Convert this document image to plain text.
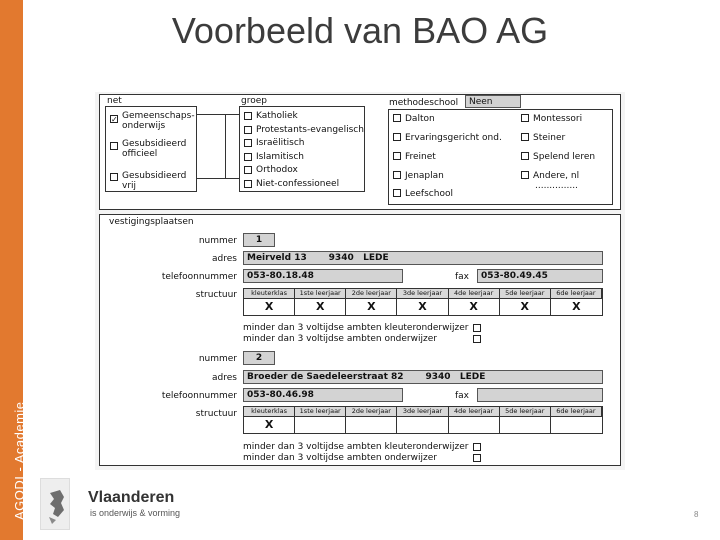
AGODI - Academie
Voorbeeld van BAO AG
net
✓ Gemeenschaps-
onderwijs
Gesubsidieerd
officieel
Gesubsidieerd
vrij
groep
Katholiek
Protestants-evangelisch
Israëlitisch
Islamitisch
Orthodox
Niet-confessioneel
methodeschool	Neen
Dalton
Ervaringsgericht ond.
Freinet
Jenaplan
Leefschool
Montessori
Steiner
Spelend leren
Andere, nl
...............
vestigingsplaatsen
nummer	1
adres	Meirveld 13       9340   LEDE
telefoonnummer	053-80.18.48	fax	053-80.49.45
structuur	kleuterklas	1ste leerjaar	2de leerjaar	3de leerjaar	4de leerjaar	5de leerjaar	6de leerjaar
X	X	X	X	X	X	X
minder dan 3 voltijdse ambten kleuteronderwijzer
minder dan 3 voltijdse ambten onderwijzer
nummer	2
adres	Broeder de Saedeleerstraat 82       9340   LEDE
telefoonnummer	053-80.46.98	fax
structuur	kleuterklas	1ste leerjaar	2de leerjaar	3de leerjaar	4de leerjaar	5de leerjaar	6de leerjaar
X
minder dan 3 voltijdse ambten kleuteronderwijzer
minder dan 3 voltijdse ambten onderwijzer
Vlaanderen
is onderwijs & vorming	8
